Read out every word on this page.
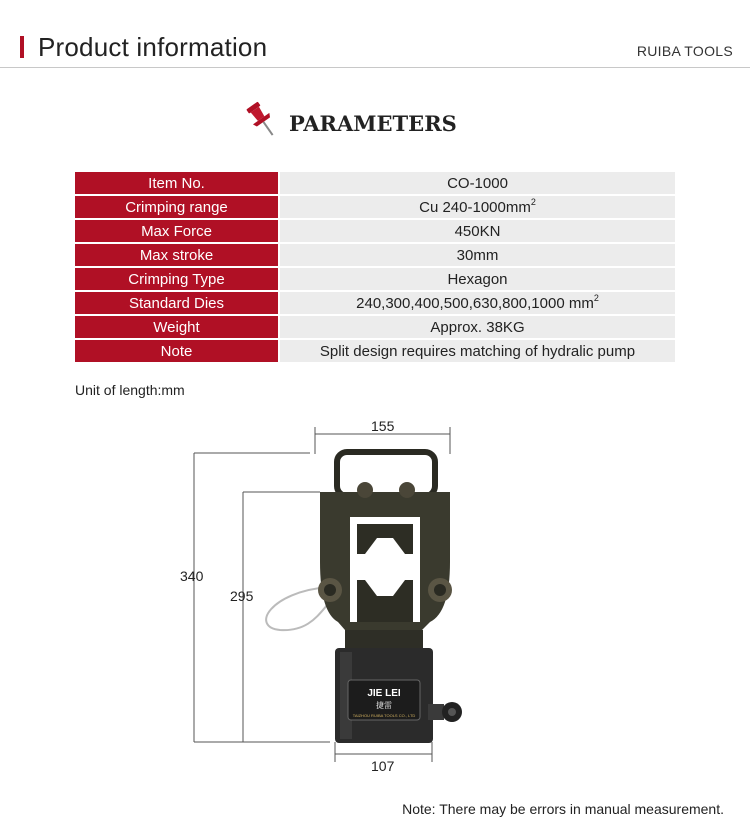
Product information	RUIBA TOOLS
PARAMETERS
Item No.	CO-1000
Crimping range	Cu $240-1000mm^2$
Max Force	450KN
Max stroke	30mm
Crimping Type	Hexagon
Standard Dies	240,300,400,500,630,800,1000 $mm^2$
Weight	Approx. 38KG
Note	Split design requires matching of hydralic pump
Unit of length:mm
JIE LEI
捷雷
TAIZHOU RUIBA TOOLS CO., LTD
155
340
295
107
Note: There may be errors in manual measurement.
